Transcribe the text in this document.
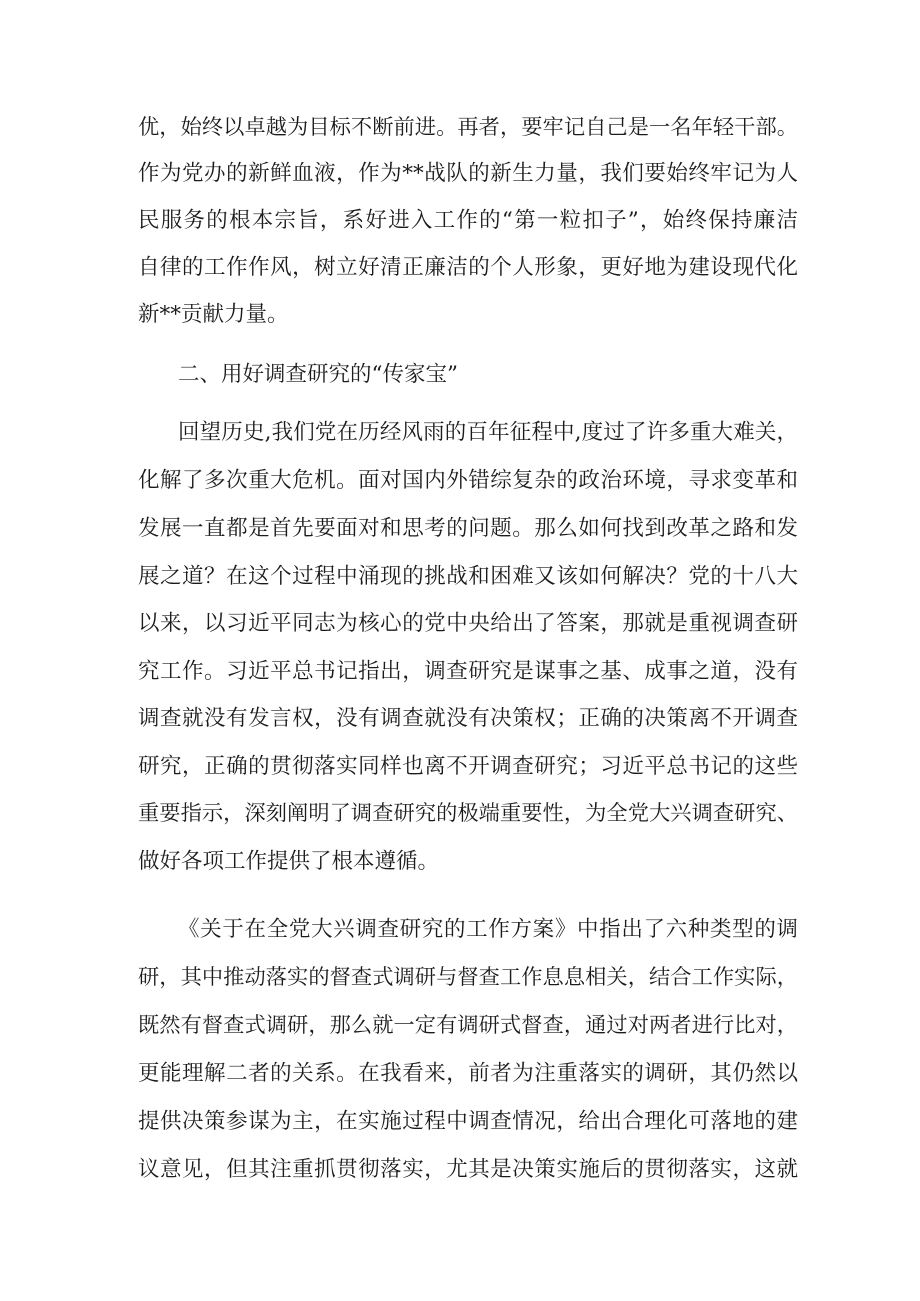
优，始终以卓越为目标不断前进。再者，要牢记自己是一名年轻干部。
作为党办的新鲜血液，作为**战队的新生力量，我们要始终牢记为人
民服务的根本宗旨，系好进入工作的“第一粒扣子”，始终保持廉洁
自律的工作作风，树立好清正廉洁的个人形象，更好地为建设现代化
新**贡献力量。
二、用好调查研究的“传家宝”
回望历史,我们党在历经风雨的百年征程中,度过了许多重大难关，
化解了多次重大危机。面对国内外错综复杂的政治环境，寻求变革和
发展一直都是首先要面对和思考的问题。那么如何找到改革之路和发
展之道？在这个过程中涌现的挑战和困难又该如何解决？党的十八大
以来，以习近平同志为核心的党中央给出了答案，那就是重视调查研
究工作。习近平总书记指出，调查研究是谋事之基、成事之道，没有
调查就没有发言权，没有调查就没有决策权；正确的决策离不开调查
研究，正确的贯彻落实同样也离不开调查研究；习近平总书记的这些
重要指示，深刻阐明了调查研究的极端重要性，为全党大兴调查研究、
做好各项工作提供了根本遵循。
《关于在全党大兴调查研究的工作方案》中指出了六种类型的调
研，其中推动落实的督查式调研与督查工作息息相关，结合工作实际，
既然有督查式调研，那么就一定有调研式督查，通过对两者进行比对，
更能理解二者的关系。在我看来，前者为注重落实的调研，其仍然以
提供决策参谋为主，在实施过程中调查情况，给出合理化可落地的建
议意见，但其注重抓贯彻落实，尤其是决策实施后的贯彻落实，这就
